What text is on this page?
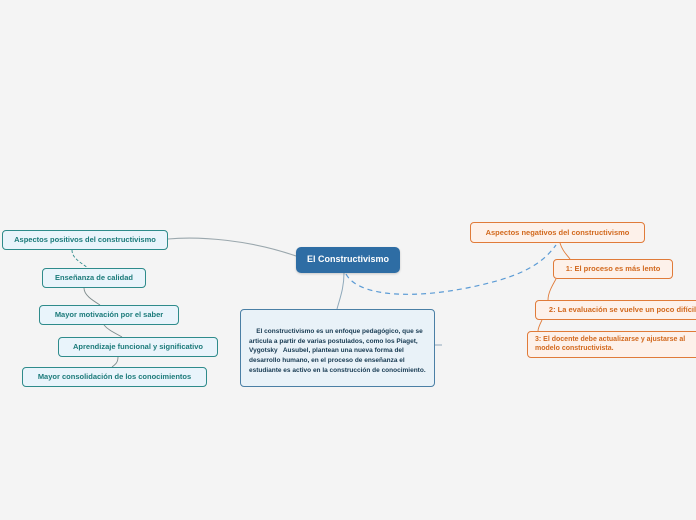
El Constructivismo

El constructivismo es un enfoque pedagógico, que se articula a partir de varias postulados, como los Piaget, Vygotsky   Ausubel, plantean una nueva forma del desarrollo humano, en el proceso de enseñanza el estudiante es activo en la construcción de conocimiento.

Aspectos positivos del constructivismo
Enseñanza de calidad
Mayor motivación por el saber
Aprendizaje funcional y significativo
Mayor consolidación de los conocimientos
Aspectos negativos del constructivismo
1: El proceso es más lento
2: La evaluación se vuelve un poco difícil
3: El docente debe actualizarse y ajustarse al modelo constructivista.
